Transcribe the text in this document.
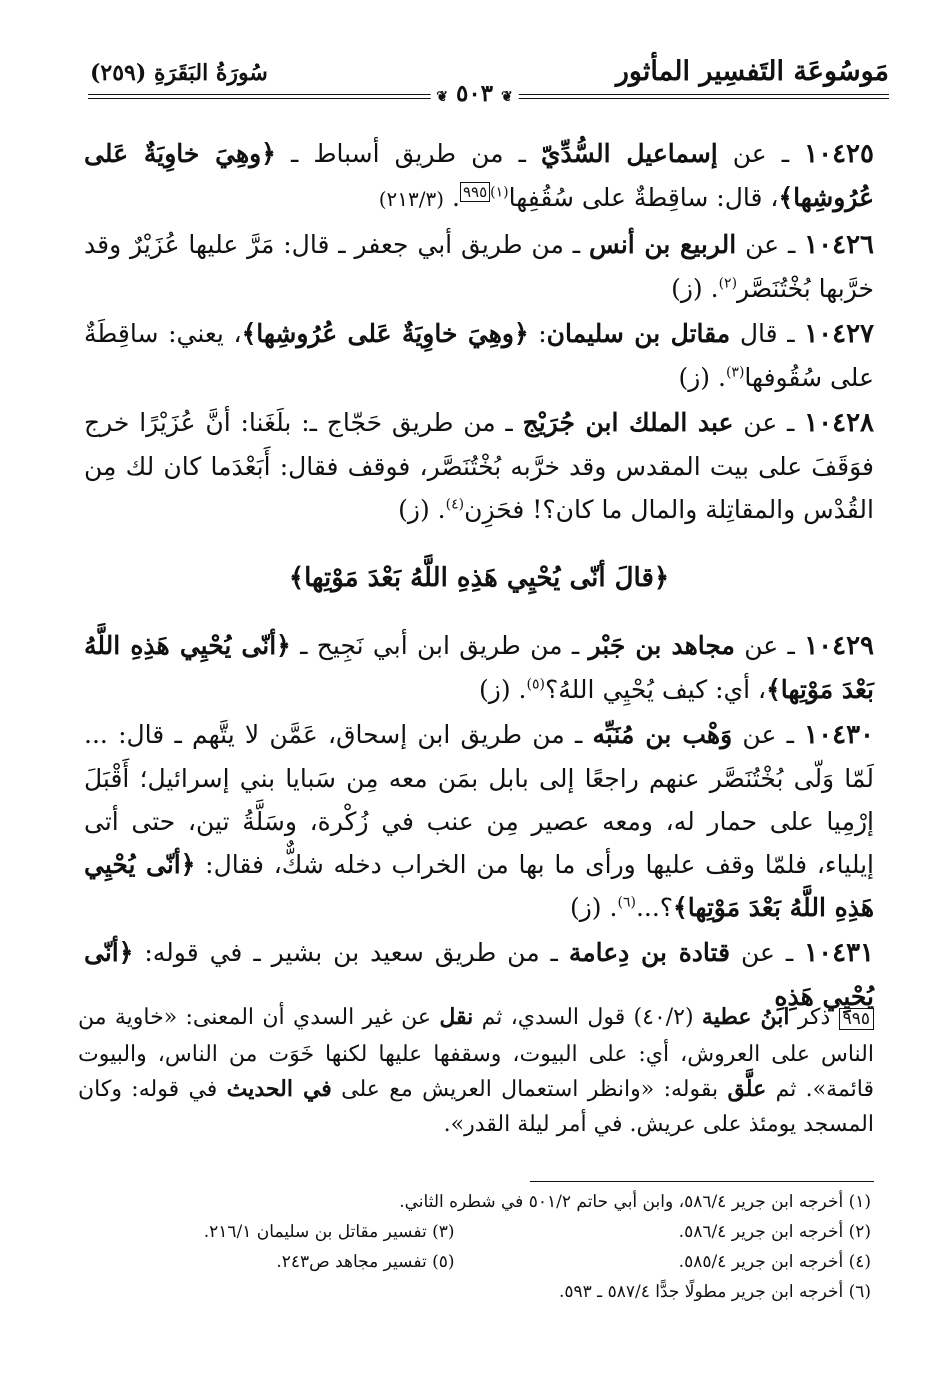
مَوسُوعَة التَفسِير المأثور
سُورَةُ البَقَرَةِ (٢٥٩)
❦ ٥٠٣ ❦

١٠٤٢٥ ـ عن إسماعيل السُّدِّيّ ـ من طريق أسباط ـ ﴿وهِيَ خاوِيَةٌ عَلى عُرُوشِها﴾، قال: ساقِطةٌ على سُقُفِها$^{(١)٩٩٥}$. (٢١٣/٣)

١٠٤٢٦ ـ عن الربيع بن أنس ـ من طريق أبي جعفر ـ قال: مَرَّ عليها عُزَيْرٌ وقد خرَّبها بُخْتُنَصَّر$^{(٢)}$. (ز)

١٠٤٢٧ ـ قال مقاتل بن سليمان: ﴿وهِيَ خاوِيَةٌ عَلى عُرُوشِها﴾، يعني: ساقِطَةٌ على سُقُوفها$^{(٣)}$. (ز)

١٠٤٢٨ ـ عن عبد الملك ابن جُرَيْج ـ من طريق حَجّاج ـ: بلَغَنا: أنَّ عُزَيْرًا خرج فوَقَفَ على بيت المقدس وقد خرَّبه بُخْتُنَصَّر، فوقف فقال: أَبَعْدَما كان لك مِن القُدْس والمقاتِلة والمال ما كان؟! فحَزِن$^{(٤)}$. (ز)

﴿قالَ أنّى يُحْيِي هَذِهِ اللَّهُ بَعْدَ مَوْتِها﴾

١٠٤٢٩ ـ عن مجاهد بن جَبْر ـ من طريق ابن أبي نَجِيح ـ ﴿أنّى يُحْيِي هَذِهِ اللَّهُ بَعْدَ مَوْتِها﴾، أي: كيف يُحْيِي اللهُ؟$^{(٥)}$. (ز)

١٠٤٣٠ ـ عن وَهْب بن مُنَبِّه ـ من طريق ابن إسحاق، عَمَّن لا يتَّهم ـ قال: ... لَمّا وَلّى بُخْتُنَصَّر عنهم راجعًا إلى بابل بمَن معه مِن سَبايا بني إسرائيل؛ أَقْبَلَ إرْمِيا على حمار له، ومعه عصير مِن عنب في زُكْرة، وسَلَّةُ تين، حتى أتى إيلياء، فلمّا وقف عليها ورأى ما بها من الخراب دخله شكٌّ، فقال: ﴿أنّى يُحْيِي هَذِهِ اللَّهُ بَعْدَ مَوْتِها﴾؟...$^{(٦)}$. (ز)

١٠٤٣١ ـ عن قتادة بن دِعامة ـ من طريق سعيد بن بشير ـ في قوله: ﴿أنّى يُحْيِي هَذِهِ

٩٩٥ ذكر ابنُ عطية (٤٠/٢) قول السدي، ثم نقل عن غير السدي أن المعنى: «خاوية من الناس على العروش، أي: على البيوت، وسقفها عليها لكنها خَوَت من الناس، والبيوت قائمة». ثم علَّق بقوله: «وانظر استعمال العريش مع على في الحديث في قوله: وكان المسجد يومئذ على عريش. في أمر ليلة القدر».
(١) أخرجه ابن جرير ٥٨٦/٤، وابن أبي حاتم ٥٠١/٢ في شطره الثاني.
(٢) أخرجه ابن جرير ٥٨٦/٤.
(٣) تفسير مقاتل بن سليمان ٢١٦/١.
(٤) أخرجه ابن جرير ٥٨٥/٤.
(٥) تفسير مجاهد ص٢٤٣.
(٦) أخرجه ابن جرير مطولًا جدًّا ٥٨٧/٤ ـ ٥٩٣.
